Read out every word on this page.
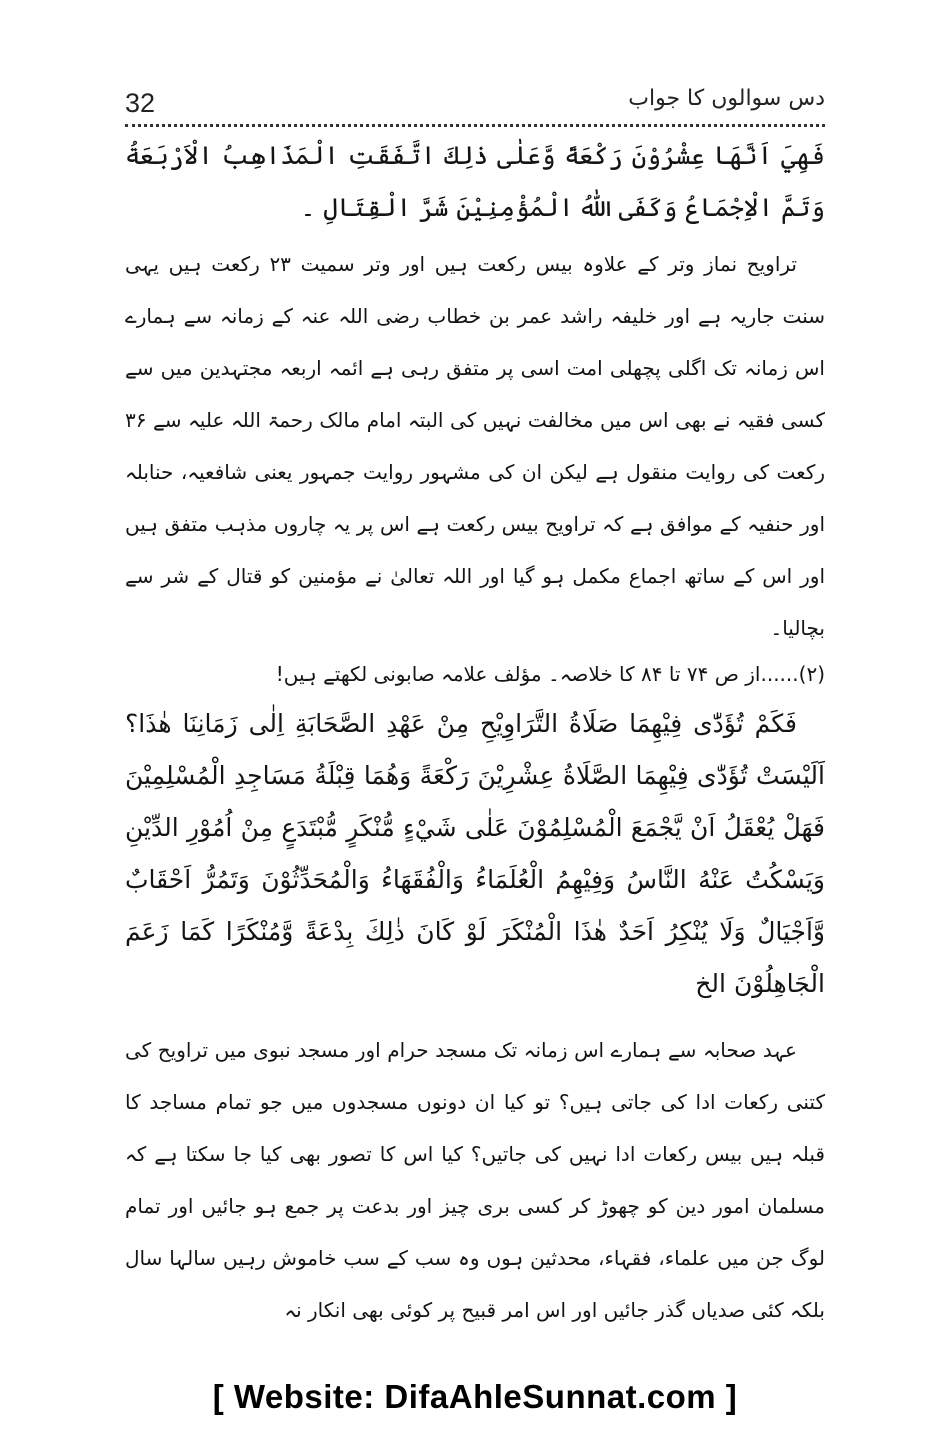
32	دس سوالوں کا جواب

فَهِيَ اَنَّهَا عِشْرُوْنَ رَكْعَةً وَّعَلٰى ذٰلِكَ اتَّفَقَتِ الْمَذَاهِبُ الْاَرْبَعَةُ وَتَمَّ الْاِجْمَاعُ وَكَفَى اللّٰهُ الْمُؤْمِنِيْنَ شَرَّ الْقِتَالِ ۔

تراویح نماز وتر کے علاوہ بیس رکعت ہیں اور وتر سمیت ۲۳ رکعت ہیں یہی سنت جاریہ ہے اور خلیفہ راشد عمر بن خطاب رضی اللہ عنہ کے زمانہ سے ہمارے اس زمانہ تک اگلی پچھلی امت اسی پر متفق رہی ہے ائمہ اربعہ مجتہدین میں سے کسی فقیہ نے بھی اس میں مخالفت نہیں کی البتہ امام مالک رحمۃ اللہ علیہ سے ۳۶ رکعت کی روایت منقول ہے لیکن ان کی مشہور روایت جمہور یعنی شافعیہ، حنابلہ اور حنفیہ کے موافق ہے کہ تراویح بیس رکعت ہے اس پر یہ چاروں مذہب متفق ہیں اور اس کے ساتھ اجماع مکمل ہو گیا اور اللہ تعالیٰ نے مؤمنین کو قتال کے شر سے بچالیا۔

(۲)......از ص ۷۴ تا ۸۴ کا خلاصہ۔ مؤلف علامہ صابونی لکھتے ہیں!

فَكَمْ تُؤَدّٰى فِيْهِمَا صَلَاةُ التَّرَاوِيْحِ مِنْ عَهْدِ الصَّحَابَةِ اِلٰى زَمَانِنَا هٰذَا؟ اَلَيْسَتْ تُؤَدّٰى فِيْهِمَا الصَّلَاةُ عِشْرِيْنَ رَكْعَةً وَهُمَا قِبْلَةُ مَسَاجِدِ الْمُسْلِمِيْنَ فَهَلْ يُعْقَلُ اَنْ يَّجْمَعَ الْمُسْلِمُوْنَ عَلٰى شَيْءٍ مُّنْكَرٍ مُّبْتَدَعٍ مِنْ اُمُوْرِ الدِّيْنِ وَيَسْكُتُ عَنْهُ النَّاسُ وَفِيْهِمُ الْعُلَمَاءُ وَالْفُقَهَاءُ وَالْمُحَدِّثُوْنَ وَتَمُرُّ اَحْقَابٌ وَّاَجْيَالٌ وَلَا يُنْكِرُ اَحَدٌ هٰذَا الْمُنْكَرَ لَوْ كَانَ ذٰلِكَ بِدْعَةً وَّمُنْكَرًا كَمَا زَعَمَ الْجَاهِلُوْنَ الخ

عہد صحابہ سے ہمارے اس زمانہ تک مسجد حرام اور مسجد نبوی میں تراویح کی کتنی رکعات ادا کی جاتی ہیں؟ تو کیا ان دونوں مسجدوں میں جو تمام مساجد کا قبلہ ہیں بیس رکعات ادا نہیں کی جاتیں؟ کیا اس کا تصور بھی کیا جا سکتا ہے کہ مسلمان امور دین کو چھوڑ کر کسی بری چیز اور بدعت پر جمع ہو جائیں اور تمام لوگ جن میں علماء، فقہاء، محدثین ہوں وہ سب کے سب خاموش رہیں سالہا سال بلکہ کئی صدیاں گذر جائیں اور اس امر قبیح پر کوئی بھی انکار نہ

[ Website: DifaAhleSunnat.com ]
